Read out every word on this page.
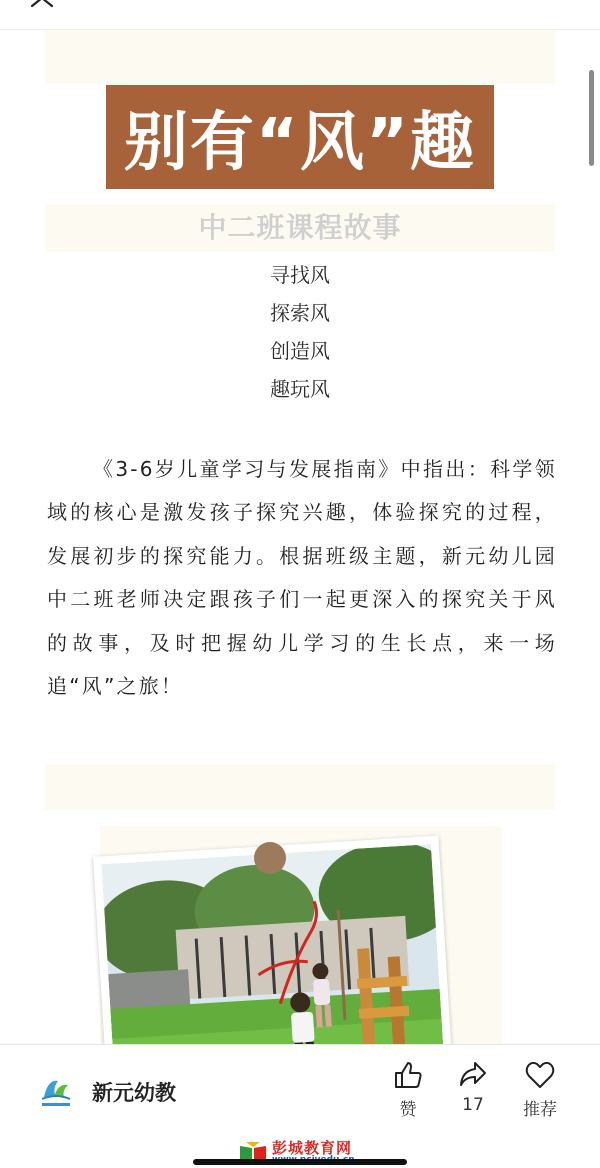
别有“风”趣
中二班课程故事
寻找风
探索风
创造风
趣玩风

《3-6岁儿童学习与发展指南》中指出：科学领域的核心是激发孩子探究兴趣，体验探究的过程，发展初步的探究能力。根据班级主题，新元幼儿园中二班老师决定跟孩子们一起更深入的探究关于风的故事，及时把握幼儿学习的生长点，来一场追“风”之旅！

新元幼教
赞	17	推荐
彭城教育网
